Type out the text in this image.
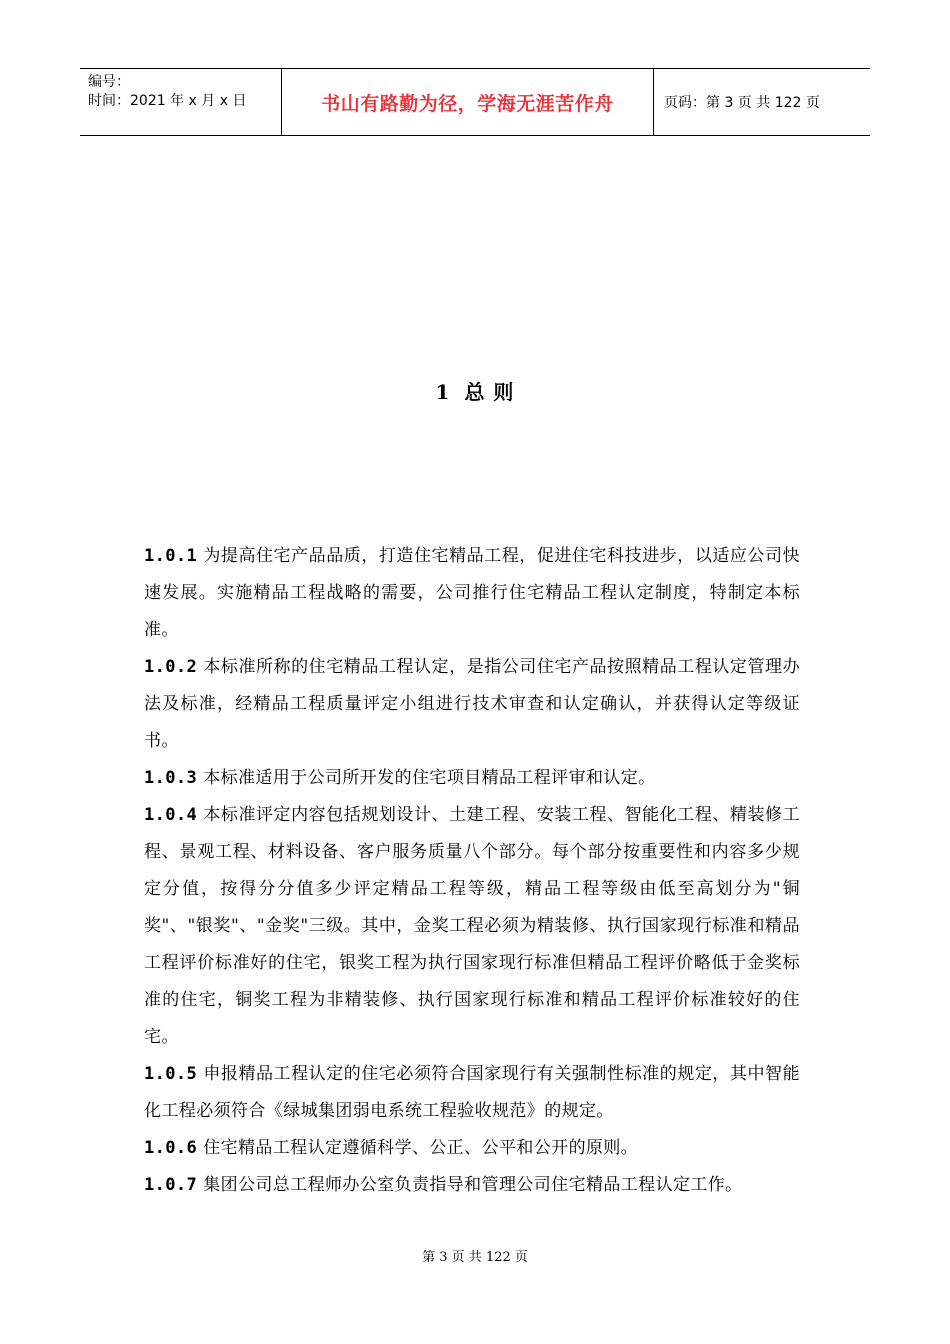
编号：
时间：2021 年 x 月 x 日	书山有路勤为径，学海无涯苦作舟	页码：第 3 页 共 122 页
1 总 则

1.0.1 为提高住宅产品品质，打造住宅精品工程，促进住宅科技进步，以适应公司快速发展。实施精品工程战略的需要，公司推行住宅精品工程认定制度，特制定本标准。

1.0.2 本标准所称的住宅精品工程认定，是指公司住宅产品按照精品工程认定管理办法及标准，经精品工程质量评定小组进行技术审查和认定确认，并获得认定等级证书。

1.0.3 本标准适用于公司所开发的住宅项目精品工程评审和认定。

1.0.4 本标准评定内容包括规划设计、土建工程、安装工程、智能化工程、精装修工程、景观工程、材料设备、客户服务质量八个部分。每个部分按重要性和内容多少规定分值，按得分分值多少评定精品工程等级，精品工程等级由低至高划分为"铜奖"、"银奖"、"金奖"三级。其中，金奖工程必须为精装修、执行国家现行标准和精品工程评价标准好的住宅，银奖工程为执行国家现行标准但精品工程评价略低于金奖标准的住宅，铜奖工程为非精装修、执行国家现行标准和精品工程评价标准较好的住宅。

1.0.5 申报精品工程认定的住宅必须符合国家现行有关强制性标准的规定，其中智能化工程必须符合《绿城集团弱电系统工程验收规范》的规定。

1.0.6 住宅精品工程认定遵循科学、公正、公平和公开的原则。

1.0.7 集团公司总工程师办公室负责指导和管理公司住宅精品工程认定工作。

第 3 页 共 122 页
